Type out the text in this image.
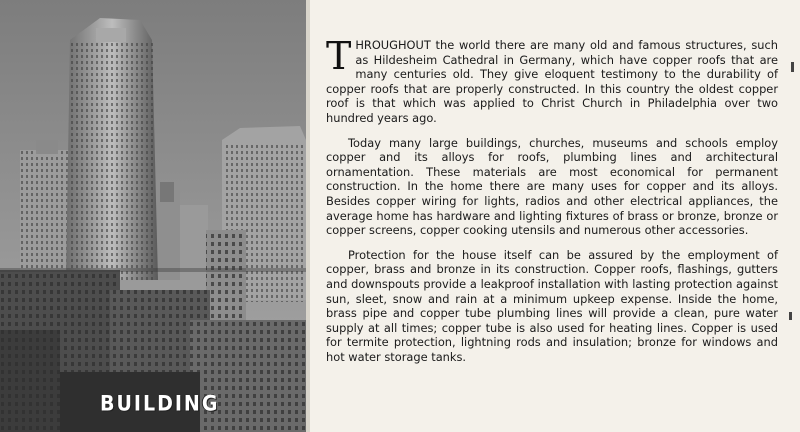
BUILDING

THROUGHOUT the world there are many old and famous structures, such as Hildesheim Cathedral in Germany, which have copper roofs that are many centuries old. They give eloquent testimony to the durability of copper roofs that are properly constructed. In this country the oldest copper roof is that which was applied to Christ Church in Philadelphia over two hundred years ago.

Today many large buildings, churches, museums and schools employ copper and its alloys for roofs, plumbing lines and architectural ornamentation. These materials are most economical for permanent construction. In the home there are many uses for copper and its alloys. Besides copper wiring for lights, radios and other electrical appliances, the average home has hardware and lighting fixtures of brass or bronze, bronze or copper screens, copper cooking utensils and numerous other accessories.

Protection for the house itself can be assured by the employment of copper, brass and bronze in its construction. Copper roofs, flashings, gutters and downspouts provide a leakproof installation with lasting protection against sun, sleet, snow and rain at a minimum upkeep expense. Inside the home, brass pipe and copper tube plumbing lines will provide a clean, pure water supply at all times; copper tube is also used for heating lines. Copper is used for termite protection, lightning rods and insulation; bronze for windows and hot water storage tanks.
